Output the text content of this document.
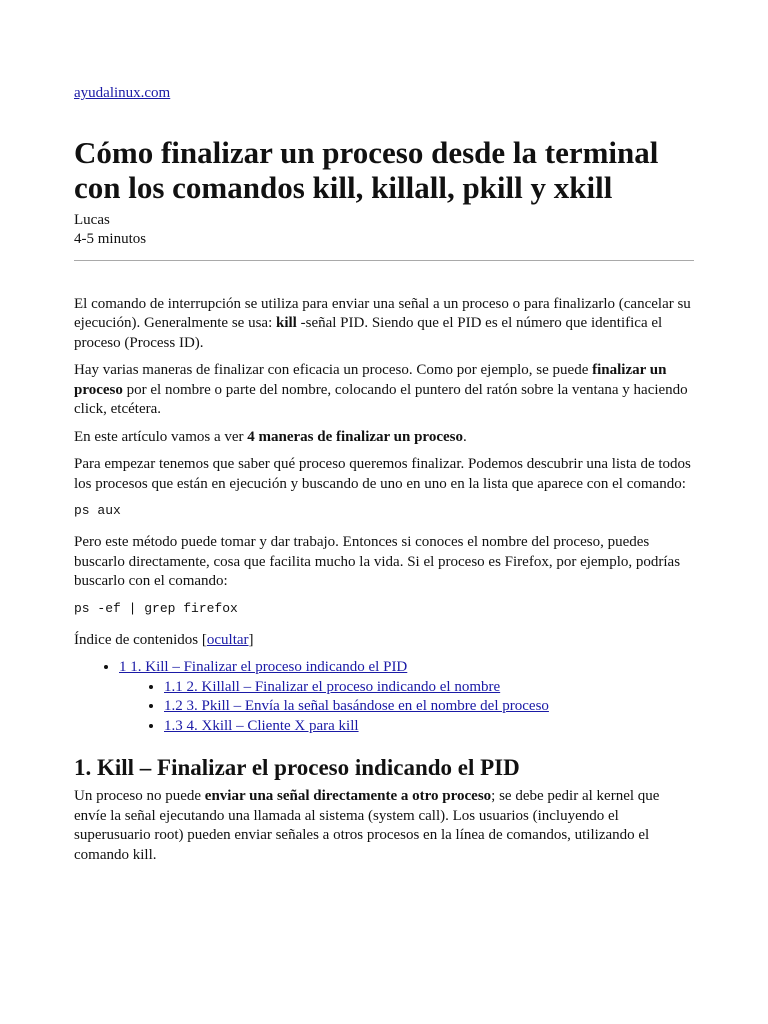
ayudalinux.com
Cómo finalizar un proceso desde la terminal con los comandos kill, killall, pkill y xkill
Lucas
4-5 minutos

El comando de interrupción se utiliza para enviar una señal a un proceso o para finalizarlo (cancelar su ejecución). Generalmente se usa: kill -señal PID. Siendo que el PID es el número que identifica el proceso (Process ID).

Hay varias maneras de finalizar con eficacia un proceso. Como por ejemplo, se puede finalizar un proceso por el nombre o parte del nombre, colocando el puntero del ratón sobre la ventana y haciendo click, etcétera.

En este artículo vamos a ver 4 maneras de finalizar un proceso.

Para empezar tenemos que saber qué proceso queremos finalizar. Podemos descubrir una lista de todos los procesos que están en ejecución y buscando de uno en uno en la lista que aparece con el comando:

ps aux

Pero este método puede tomar y dar trabajo. Entonces si conoces el nombre del proceso, puedes buscarlo directamente, cosa que facilita mucho la vida. Si el proceso es Firefox, por ejemplo, podrías buscarlo con el comando:

ps -ef | grep firefox
Índice de contenidos [ocultar]
• 1 1. Kill – Finalizar el proceso indicando el PID
• 1.1 2. Killall – Finalizar el proceso indicando el nombre
• 1.2 3. Pkill – Envía la señal basándose en el nombre del proceso
• 1.3 4. Xkill – Cliente X para kill
1. Kill – Finalizar el proceso indicando el PID

Un proceso no puede enviar una señal directamente a otro proceso; se debe pedir al kernel que envíe la señal ejecutando una llamada al sistema (system call). Los usuarios (incluyendo el superusuario root) pueden enviar señales a otros procesos en la línea de comandos, utilizando el comando kill.
